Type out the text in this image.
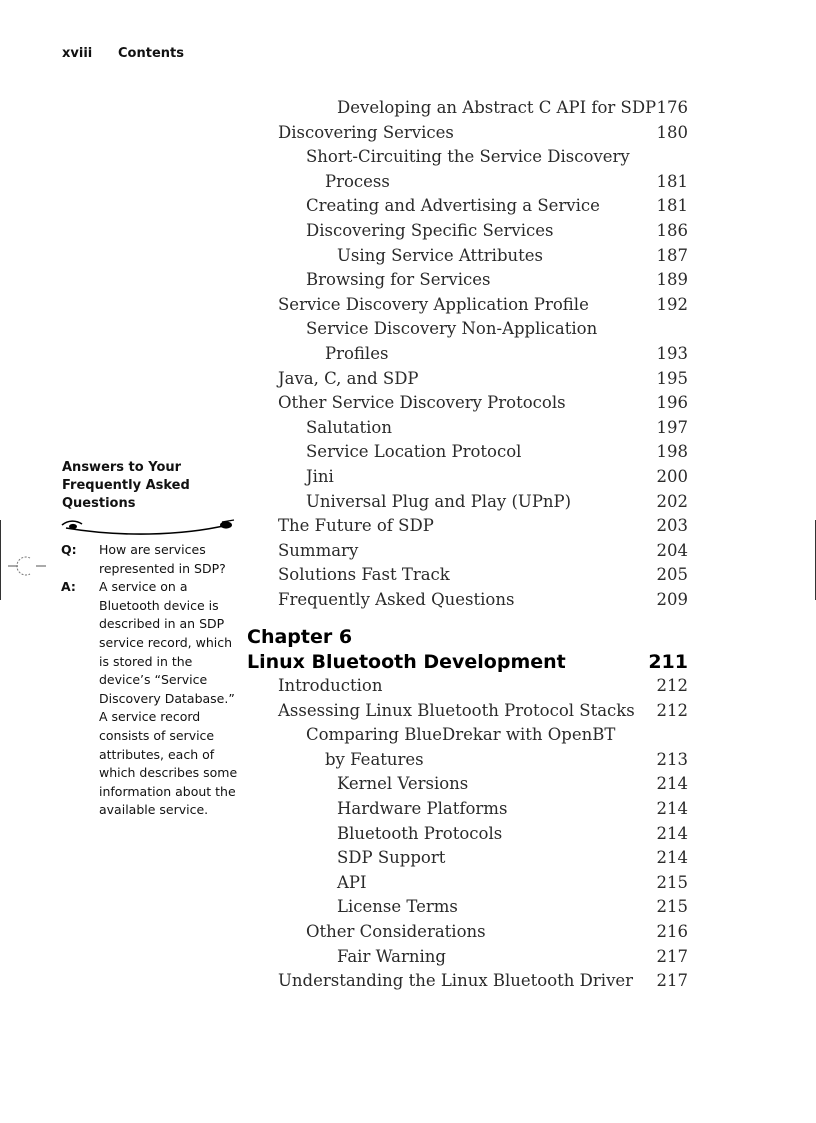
xviii Contents
Developing an Abstract C API for SDP 176
Discovering Services	180
Short-Circuiting the Service Discovery
Process	181
Creating and Advertising a Service	181
Discovering Specific Services	186
Using Service Attributes	187
Browsing for Services	189
Service Discovery Application Profile	192
Service Discovery Non-Application
Profiles	193
Java, C, and SDP	195
Other Service Discovery Protocols	196
Salutation	197
Service Location Protocol	198
Jini	200
Universal Plug and Play (UPnP)	202
The Future of SDP	203
Summary	204
Solutions Fast Track	205
Frequently Asked Questions	209
Chapter 6
Linux Bluetooth Development	211
Introduction	212
Assessing Linux Bluetooth Protocol Stacks 212
Comparing BlueDrekar with OpenBT
by Features	213
Kernel Versions	214
Hardware Platforms	214
Bluetooth Protocols	214
SDP Support	214
API	215
License Terms	215
Other Considerations	216
Fair Warning	217
Understanding the Linux Bluetooth Driver 217
Answers to Your Frequently Asked Questions
Q: How are services represented in SDP?
A: A service on a Bluetooth device is described in an SDP service record, which is stored in the device’s “Service Discovery Database.” A service record consists of service attributes, each of which describes some information about the available service.
